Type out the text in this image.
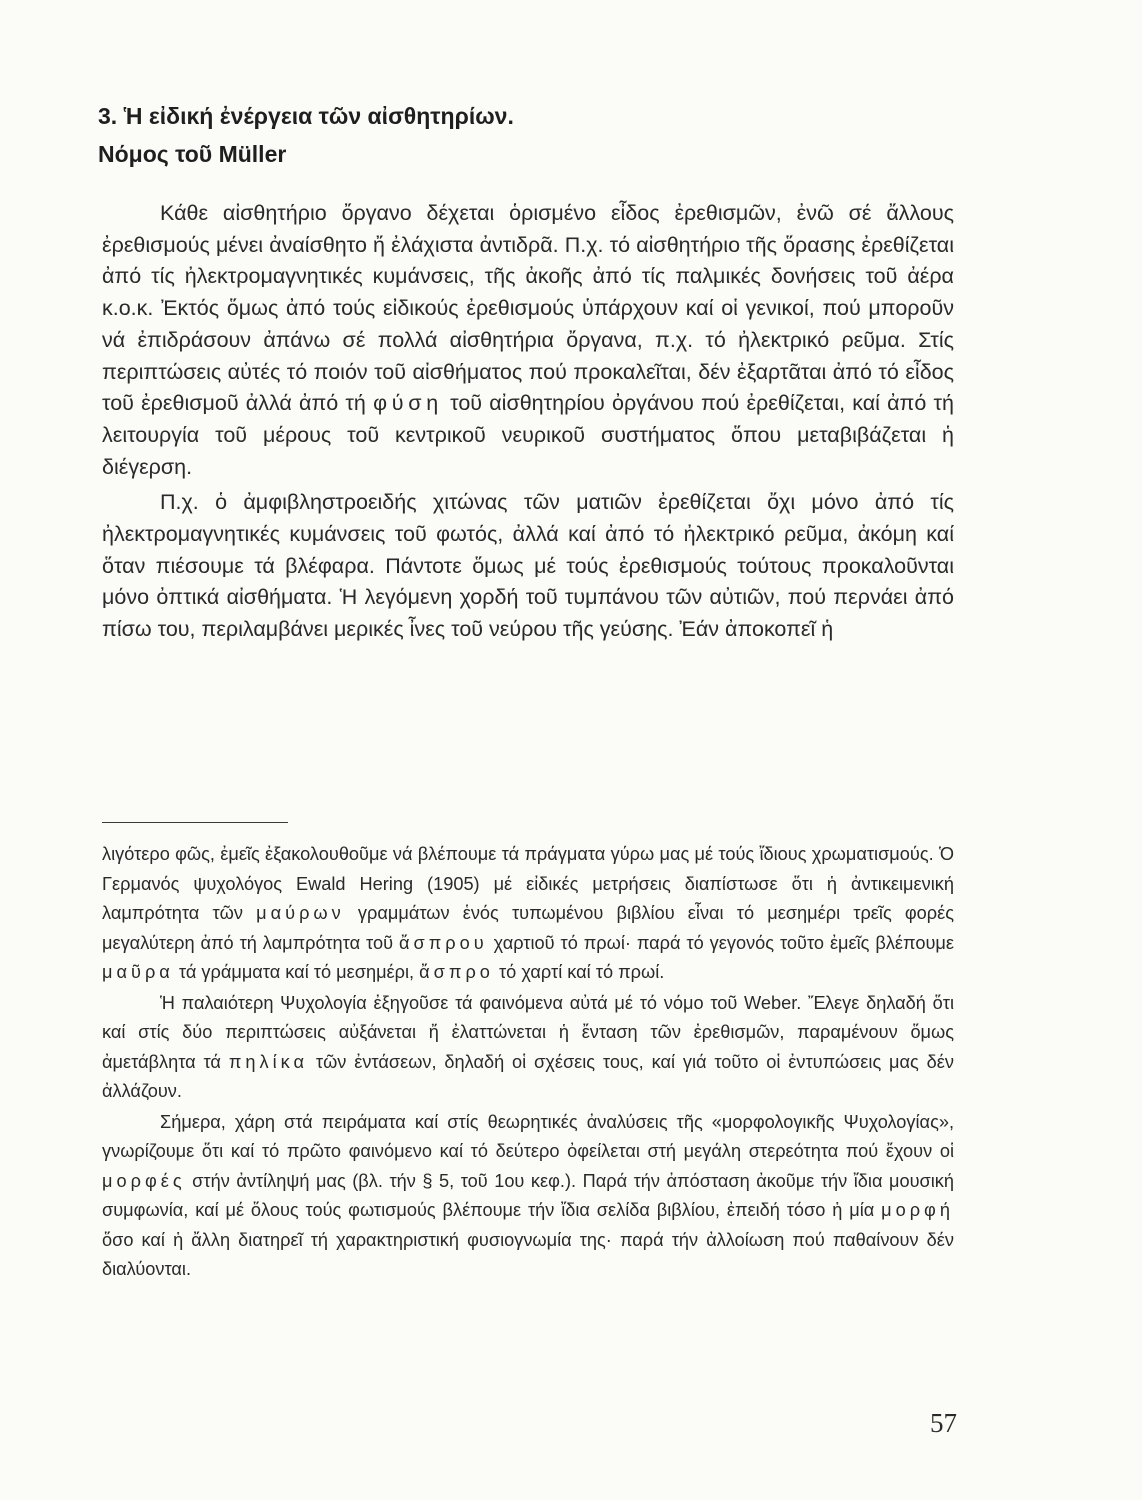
3. Ἡ εἰδική ἐνέργεια τῶν αἰσθητηρίων.
Νόμος τοῦ Müller

Κάθε αἰσθητήριο ὄργανο δέχεται ὁρισμένο εἶδος ἐρεθισμῶν, ἐνῶ σέ ἄλλους ἐρεθισμούς μένει ἀναίσθητο ἤ ἐλάχιστα ἀντιδρᾶ. Π.χ. τό αἰσθητήριο τῆς ὅρασης ἐρεθίζεται ἀπό τίς ἠλεκτρομαγνητικές κυμάνσεις, τῆς ἀκοῆς ἀπό τίς παλμικές δονήσεις τοῦ ἀέρα κ.ο.κ. Ἐκτός ὅμως ἀπό τούς εἰδικούς ἐρεθισμούς ὑπάρχουν καί οἱ γενικοί, πού μποροῦν νά ἐπιδράσουν ἀπάνω σέ πολλά αἰσθητήρια ὄργανα, π.χ. τό ἠλεκτρικό ρεῦμα. Στίς περιπτώσεις αὐτές τό ποιόν τοῦ αἰσθήματος πού προκαλεῖται, δέν ἐξαρτᾶται ἀπό τό εἶδος τοῦ ἐρεθισμοῦ ἀλλά ἀπό τή φύση τοῦ αἰσθητηρίου ὀργάνου πού ἐρεθίζεται, καί ἀπό τή λειτουργία τοῦ μέρους τοῦ κεντρικοῦ νευρικοῦ συστήματος ὅπου μεταβιβάζεται ἡ διέγερση.

Π.χ. ὁ ἀμφιβληστροειδής χιτώνας τῶν ματιῶν ἐρεθίζεται ὄχι μόνο ἀπό τίς ἠλεκτρομαγνητικές κυμάνσεις τοῦ φωτός, ἀλλά καί ἀπό τό ἠλεκτρικό ρεῦμα, ἀκόμη καί ὅταν πιέσουμε τά βλέφαρα. Πάντοτε ὅμως μέ τούς ἐρεθισμούς τούτους προκαλοῦνται μόνο ὀπτικά αἰσθήματα. Ἡ λεγόμενη χορδή τοῦ τυμπάνου τῶν αὐτιῶν, πού περνάει ἀπό πίσω του, περιλαμβάνει μερικές ἶνες τοῦ νεύρου τῆς γεύσης. Ἐάν ἀποκοπεῖ ἡ

λιγότερο φῶς, ἐμεῖς ἐξακολουθοῦμε νά βλέπουμε τά πράγματα γύρω μας μέ τούς ἴδιους χρωματισμούς. Ὁ Γερμανός ψυχολόγος Ewald Hering (1905) μέ εἰδικές μετρήσεις διαπίστωσε ὅτι ἡ ἀντικειμενική λαμπρότητα τῶν μαύρων γραμμάτων ἑνός τυπωμένου βιβλίου εἶναι τό μεσημέρι τρεῖς φορές μεγαλύτερη ἀπό τή λαμπρότητα τοῦ ἄσπρου χαρτιοῦ τό πρωί· παρά τό γεγονός τοῦτο ἐμεῖς βλέπουμε μαῦρα τά γράμματα καί τό μεσημέρι, ἄσπρο τό χαρτί καί τό πρωί.

Ἡ παλαιότερη Ψυχολογία ἐξηγοῦσε τά φαινόμενα αὐτά μέ τό νόμο τοῦ Weber. Ἔλεγε δηλαδή ὅτι καί στίς δύο περιπτώσεις αὐξάνεται ἤ ἐλαττώνεται ἡ ἔνταση τῶν ἐρεθισμῶν, παραμένουν ὅμως ἀμετάβλητα τά πηλίκα τῶν ἐντάσεων, δηλαδή οἱ σχέσεις τους, καί γιά τοῦτο οἱ ἐντυπώσεις μας δέν ἀλλάζουν.

Σήμερα, χάρη στά πειράματα καί στίς θεωρητικές ἀναλύσεις τῆς «μορφολογικῆς Ψυχολογίας», γνωρίζουμε ὅτι καί τό πρῶτο φαινόμενο καί τό δεύτερο ὀφείλεται στή μεγάλη στερεότητα πού ἔχουν οἱ μορφές στήν ἀντίληψή μας (βλ. τήν § 5, τοῦ 1ου κεφ.). Παρά τήν ἀπόσταση ἀκοῦμε τήν ἴδια μουσική συμφωνία, καί μέ ὅλους τούς φωτισμούς βλέπουμε τήν ἴδια σελίδα βιβλίου, ἐπειδή τόσο ἡ μία μορφή ὅσο καί ἡ ἄλλη διατηρεῖ τή χαρακτηριστική φυσιογνωμία της· παρά τήν ἀλλοίωση πού παθαίνουν δέν διαλύονται.

57
